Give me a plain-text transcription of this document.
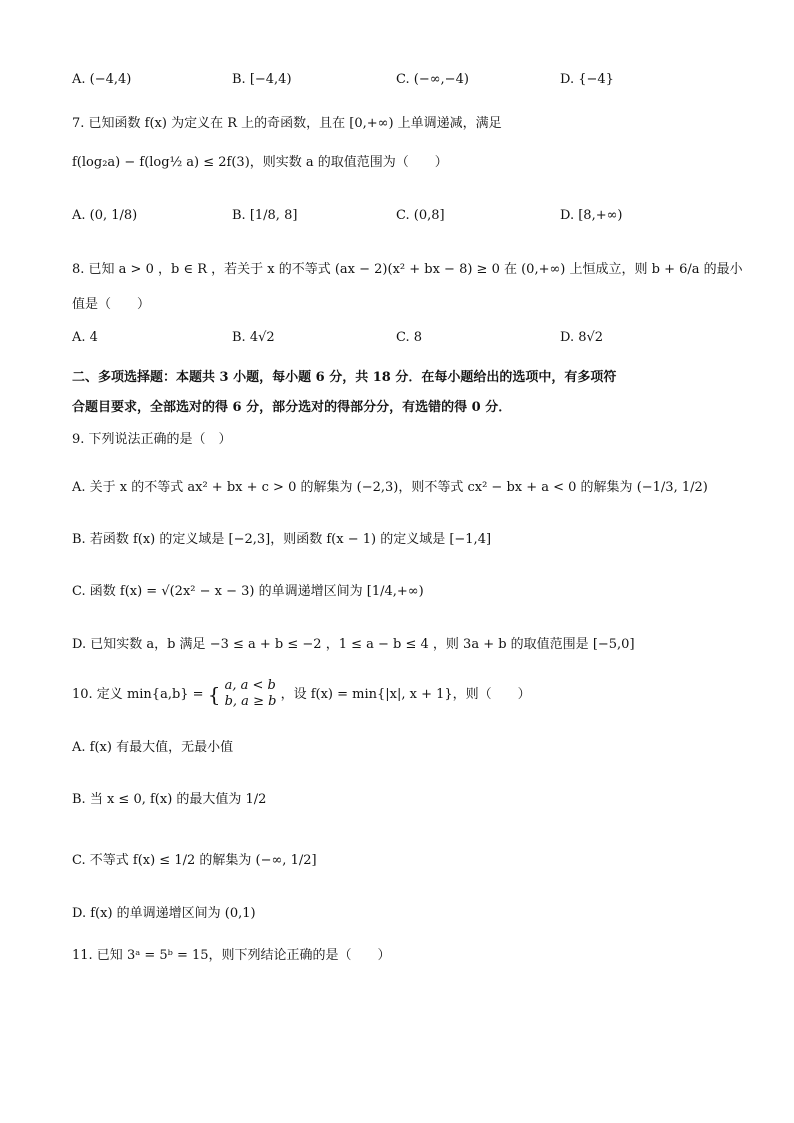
A. (−4,4)	B. [−4,4)	C. (−∞,−4)	D. {−4}
7. 已知函数 f(x) 为定义在 R 上的奇函数，且在 [0,+∞) 上单调递减，满足
f(log₂a) − f(log½ a) ≤ 2f(3)，则实数 a 的取值范围为（　　）
A. (0, 1/8)	B. [1/8, 8]	C. (0,8]	D. [8,+∞)
8. 已知 a > 0 ，b ∈ R ，若关于 x 的不等式 (ax − 2)(x² + bx − 8) ≥ 0 在 (0,+∞) 上恒成立，则 b + 6/a 的最小
值是（　　）
A. 4	B. 4√2	C. 8	D. 8√2
二、多项选择题：本题共 3 小题，每小题 6 分，共 18 分．在每小题给出的选项中，有多项符
合题目要求，全部选对的得 6 分，部分选对的得部分分，有选错的得 0 分．
9. 下列说法正确的是（　）
A. 关于 x 的不等式 ax² + bx + c > 0 的解集为 (−2,3)，则不等式 cx² − bx + a < 0 的解集为 (−1/3, 1/2)
B. 若函数 f(x) 的定义域是 [−2,3]，则函数 f(x − 1) 的定义域是 [−1,4]
C. 函数 f(x) = √(2x² − x − 3) 的单调递增区间为 [1/4,+∞)
D. 已知实数 a，b 满足 −3 ≤ a + b ≤ −2 ，1 ≤ a − b ≤ 4 ，则 3a + b 的取值范围是 [−5,0]
10. 定义 min{a,b} = { a, a < b
b, a ≥ b ，设 f(x) = min{|x|, x + 1}，则（　　）
A. f(x) 有最大值，无最小值
B. 当 x ≤ 0, f(x) 的最大值为 1/2
C. 不等式 f(x) ≤ 1/2 的解集为 (−∞, 1/2]
D. f(x) 的单调递增区间为 (0,1)
11. 已知 3ᵃ = 5ᵇ = 15，则下列结论正确的是（　　）
